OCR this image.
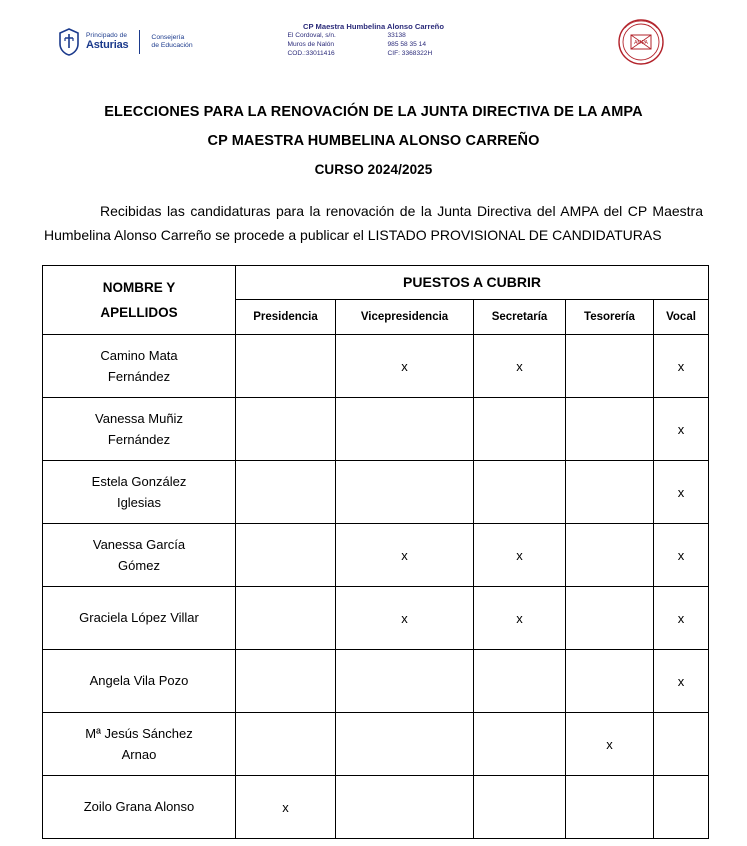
Principado de
Asturias
Consejería
de Educación
CP Maestra Humbelina Alonso Carreño
El Cordoval, s/n.	33138
Muros de Nalón	985 58 35 14
COD.:33011416	CIF: 3368322H
AMPA
ELECCIONES PARA LA RENOVACIÓN DE LA JUNTA DIRECTIVA DE LA AMPA
CP MAESTRA HUMBELINA ALONSO CARREÑO
CURSO 2024/2025
Recibidas las candidaturas para la renovación de la Junta Directiva del AMPA del CP Maestra Humbelina Alonso Carreño se procede a publicar el LISTADO PROVISIONAL DE CANDIDATURAS
NOMBRE Y
APELLIDOS	PUESTOS A CUBRIR				
	Presidencia	Vicepresidencia	Secretaría	Tesorería	Vocal

Camino Mata
Fernández		x	x		x

Vanessa Muñiz
Fernández					x

Estela González
Iglesias					x

Vanessa García
Gómez		x	x		x

Graciela López Villar		x	x		x

Angela Vila Pozo					x

Mª Jesús Sánchez
Arnao				x	

Zoilo Grana Alonso	x				
